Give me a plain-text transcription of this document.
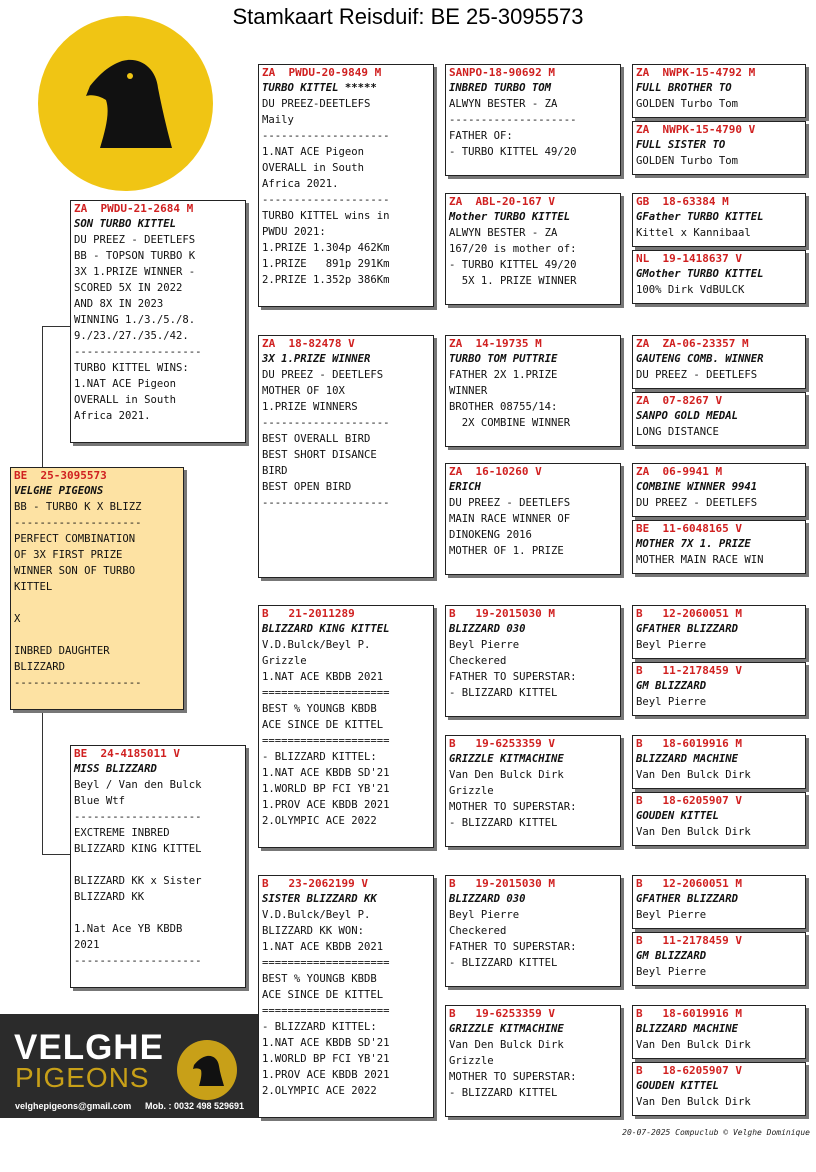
Stamkaart Reisduif: BE 25-3095573
BE  25-3095573
VELGHE PIGEONS
BB - TURBO K X BLIZZ
--------------------
PERFECT COMBINATION
OF 3X FIRST PRIZE
WINNER SON OF TURBO
KITTEL

X

INBRED DAUGHTER
BLIZZARD
--------------------
ZA  PWDU-21-2684 M
SON TURBO KITTEL
DU PREEZ - DEETLEFS
BB - TOPSON TURBO K
3X 1.PRIZE WINNER -
SCORED 5X IN 2022
AND 8X IN 2023
WINNING 1./3./5./8.
9./23./27./35./42.
--------------------
TURBO KITTEL WINS:
1.NAT ACE Pigeon
OVERALL in South
Africa 2021.
BE  24-4185011 V
MISS BLIZZARD
Beyl / Van den Bulck
Blue Wtf
--------------------
EXCTREME INBRED
BLIZZARD KING KITTEL

BLIZZARD KK x Sister
BLIZZARD KK

1.Nat Ace YB KBDB
2021
--------------------
ZA  PWDU-20-9849 M
TURBO KITTEL *****
DU PREEZ-DEETLEFS
Maily
--------------------
1.NAT ACE Pigeon
OVERALL in South
Africa 2021.
--------------------
TURBO KITTEL wins in
PWDU 2021:
1.PRIZE 1.304p 462Km
1.PRIZE   891p 291Km
2.PRIZE 1.352p 386Km
ZA  18-82478 V
3X 1.PRIZE WINNER
DU PREEZ - DEETLEFS
MOTHER OF 10X
1.PRIZE WINNERS
--------------------
BEST OVERALL BIRD
BEST SHORT DISANCE
BIRD
BEST OPEN BIRD
--------------------
B   21-2011289
BLIZZARD KING KITTEL
V.D.Bulck/Beyl P.
Grizzle
1.NAT ACE KBDB 2021
====================
BEST % YOUNGB KBDB
ACE SINCE DE KITTEL
====================
- BLIZZARD KITTEL:
1.NAT ACE KBDB SD'21
1.WORLD BP FCI YB'21
1.PROV ACE KBDB 2021
2.OLYMPIC ACE 2022
B   23-2062199 V
SISTER BLIZZARD KK
V.D.Bulck/Beyl P.
BLIZZARD KK WON:
1.NAT ACE KBDB 2021
====================
BEST % YOUNGB KBDB
ACE SINCE DE KITTEL
====================
- BLIZZARD KITTEL:
1.NAT ACE KBDB SD'21
1.WORLD BP FCI YB'21
1.PROV ACE KBDB 2021
2.OLYMPIC ACE 2022
SANPO-18-90692 M
INBRED TURBO TOM
ALWYN BESTER - ZA
--------------------
FATHER OF:
- TURBO KITTEL 49/20
ZA  ABL-20-167 V
Mother TURBO KITTEL
ALWYN BESTER - ZA
167/20 is mother of:
- TURBO KITTEL 49/20
5X 1. PRIZE WINNER
ZA  14-19735 M
TURBO TOM PUTTRIE
FATHER 2X 1.PRIZE
WINNER
BROTHER 08755/14:
2X COMBINE WINNER
ZA  16-10260 V
ERICH
DU PREEZ - DEETLEFS
MAIN RACE WINNER OF
DINOKENG 2016
MOTHER OF 1. PRIZE
B   19-2015030 M
BLIZZARD 030
Beyl Pierre
Checkered
FATHER TO SUPERSTAR:
- BLIZZARD KITTEL
B   19-6253359 V
GRIZZLE KITMACHINE
Van Den Bulck Dirk
Grizzle
MOTHER TO SUPERSTAR:
- BLIZZARD KITTEL
B   19-2015030 M
BLIZZARD 030
Beyl Pierre
Checkered
FATHER TO SUPERSTAR:
- BLIZZARD KITTEL
B   19-6253359 V
GRIZZLE KITMACHINE
Van Den Bulck Dirk
Grizzle
MOTHER TO SUPERSTAR:
- BLIZZARD KITTEL
ZA  NWPK-15-4792 M
FULL BROTHER TO
GOLDEN Turbo Tom
ZA  NWPK-15-4790 V
FULL SISTER TO
GOLDEN Turbo Tom
GB  18-63384 M
GFather TURBO KITTEL
Kittel x Kannibaal
NL  19-1418637 V
GMother TURBO KITTEL
100% Dirk VdBULCK
ZA  ZA-06-23357 M
GAUTENG COMB. WINNER
DU PREEZ - DEETLEFS
ZA  07-8267 V
SANPO GOLD MEDAL
LONG DISTANCE
ZA  06-9941 M
COMBINE WINNER 9941
DU PREEZ - DEETLEFS
BE  11-6048165 V
MOTHER 7X 1. PRIZE
MOTHER MAIN RACE WIN
B   12-2060051 M
GFATHER BLIZZARD
Beyl Pierre
B   11-2178459 V
GM BLIZZARD
Beyl Pierre
B   18-6019916 M
BLIZZARD MACHINE
Van Den Bulck Dirk
B   18-6205907 V
GOUDEN KITTEL
Van Den Bulck Dirk
B   12-2060051 M
GFATHER BLIZZARD
Beyl Pierre
B   11-2178459 V
GM BLIZZARD
Beyl Pierre
B   18-6019916 M
BLIZZARD MACHINE
Van Den Bulck Dirk
B   18-6205907 V
GOUDEN KITTEL
Van Den Bulck Dirk
VELGHE
PIGEONS
velghepigeons@gmail.com Mob. : 0032 498 529691
20-07-2025 Compuclub © Velghe Dominique
